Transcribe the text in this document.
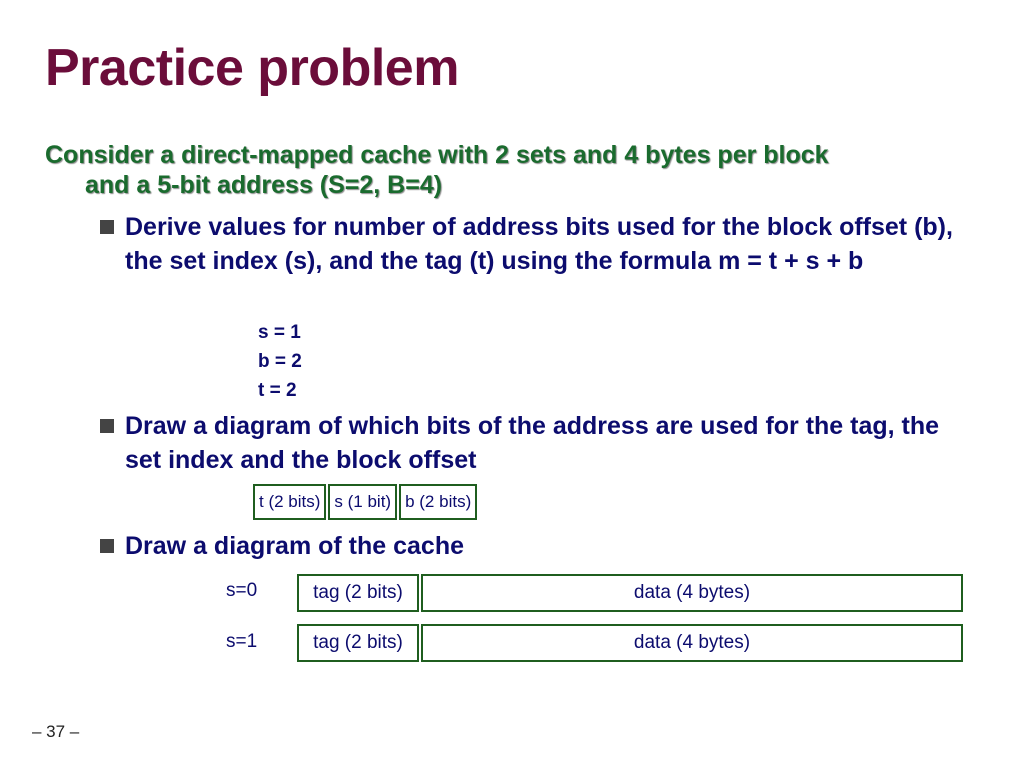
Practice problem
Consider a direct-mapped cache with 2 sets and 4 bytes per block
and a 5-bit address (S=2, B=4)
Derive values for number of address bits used for the block offset (b), the set index (s), and the tag (t) using the formula m = t + s + b
s = 1
b = 2
t = 2
Draw a diagram of which bits of the address are used for the tag, the set index and the block offset
t (2 bits) s (1 bit) b (2 bits)
Draw a diagram of the cache
s=0	tag (2 bits)	data (4 bytes)
s=1	tag (2 bits)	data (4 bytes)
– 37 –
